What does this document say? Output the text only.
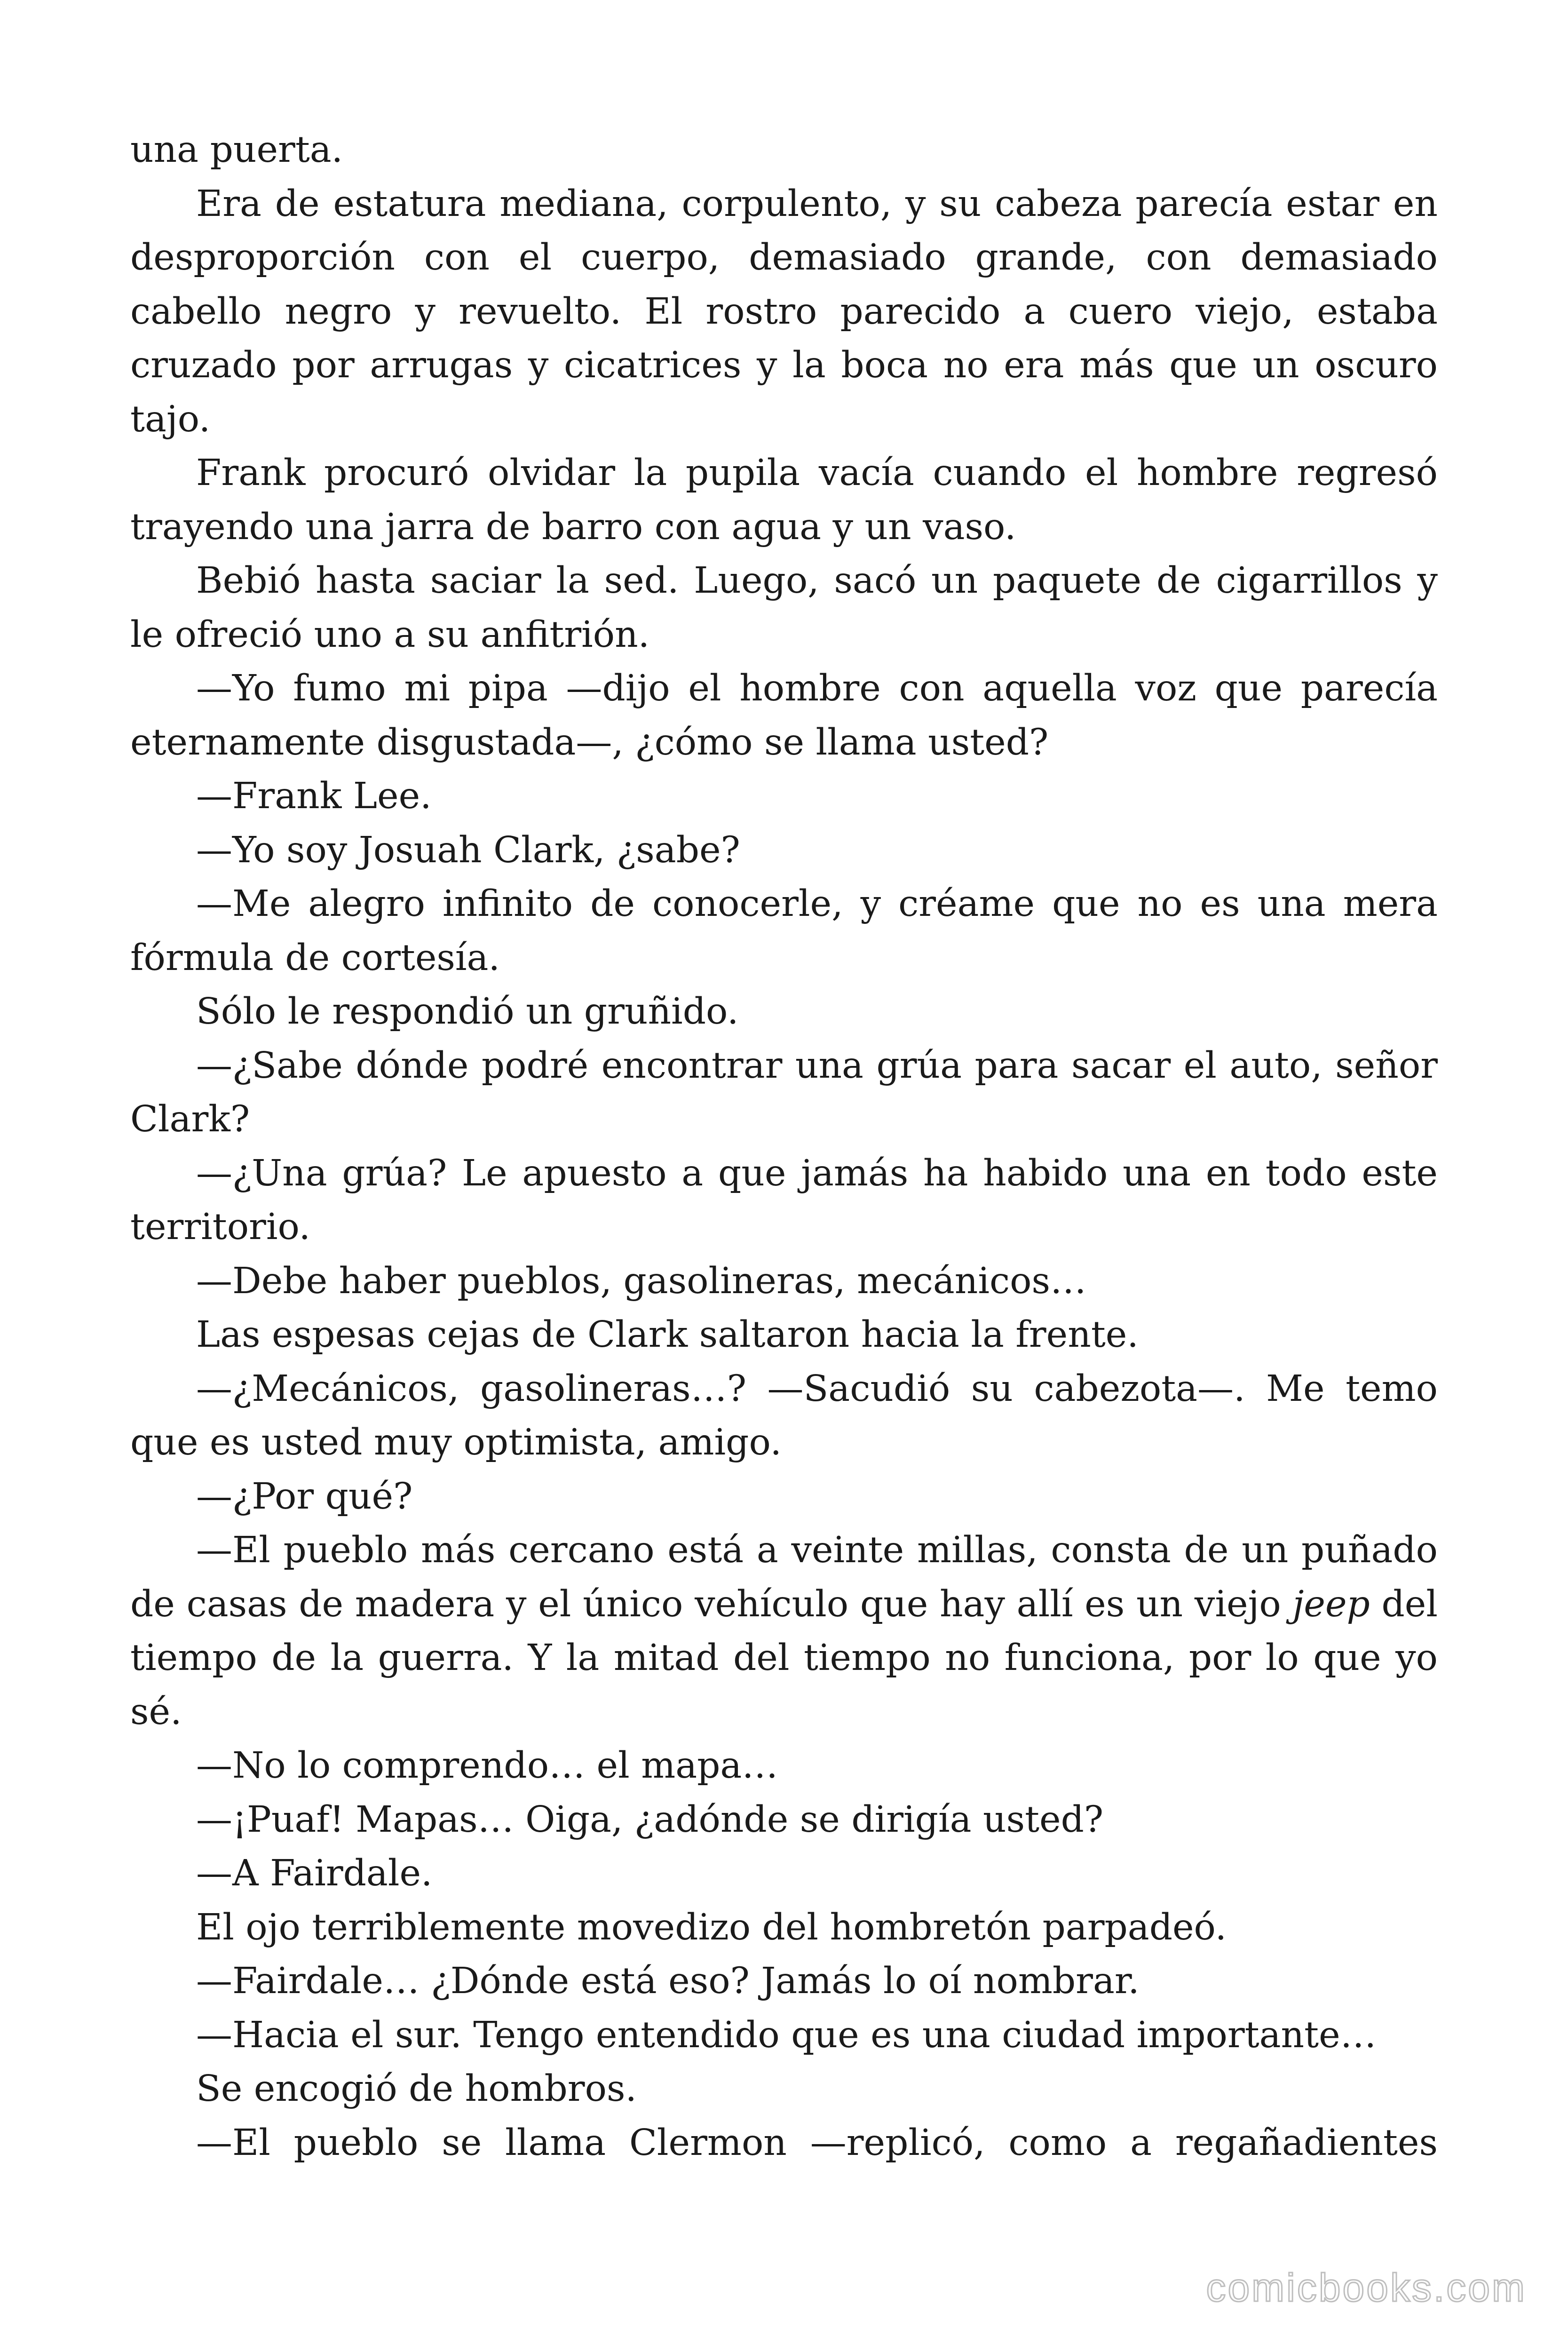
una puerta.

Era de estatura mediana, corpulento, y su cabeza parecía estar en desproporción con el cuerpo, demasiado grande, con demasiado cabello negro y revuelto. El rostro parecido a cuero viejo, estaba cruzado por arrugas y cicatrices y la boca no era más que un oscuro tajo.

Frank procuró olvidar la pupila vacía cuando el hombre regresó trayendo una jarra de barro con agua y un vaso.

Bebió hasta saciar la sed. Luego, sacó un paquete de cigarrillos y le ofreció uno a su anfitrión.

—Yo fumo mi pipa —dijo el hombre con aquella voz que parecía eternamente disgustada—, ¿cómo se llama usted?

—Frank Lee.

—Yo soy Josuah Clark, ¿sabe?

—Me alegro infinito de conocerle, y créame que no es una mera fórmula de cortesía.

Sólo le respondió un gruñido.

—¿Sabe dónde podré encontrar una grúa para sacar el auto, señor Clark?

—¿Una grúa? Le apuesto a que jamás ha habido una en todo este territorio.

—Debe haber pueblos, gasolineras, mecánicos…

Las espesas cejas de Clark saltaron hacia la frente.

—¿Mecánicos, gasolineras…? —Sacudió su cabezota—. Me temo que es usted muy optimista, amigo.

—¿Por qué?

—El pueblo más cercano está a veinte millas, consta de un puñado de casas de madera y el único vehículo que hay allí es un viejo jeep del tiempo de la guerra. Y la mitad del tiempo no funciona, por lo que yo sé.

—No lo comprendo… el mapa…

—¡Puaf! Mapas… Oiga, ¿adónde se dirigía usted?

—A Fairdale.

El ojo terriblemente movedizo del hombretón parpadeó.

—Fairdale… ¿Dónde está eso? Jamás lo oí nombrar.

—Hacia el sur. Tengo entendido que es una ciudad importante…

Se encogió de hombros.

—El pueblo se llama Clermon —replicó, como a regañadientes

comicbooks.com
